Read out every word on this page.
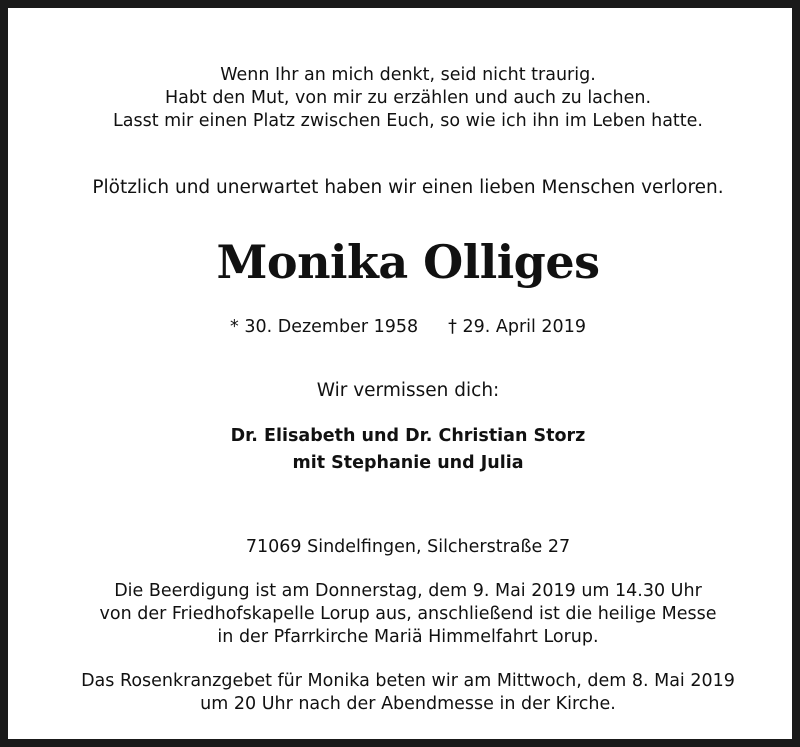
Wenn Ihr an mich denkt, seid nicht traurig.
Habt den Mut, von mir zu erzählen und auch zu lachen.
Lasst mir einen Platz zwischen Euch, so wie ich ihn im Leben hatte.
Plötzlich und unerwartet haben wir einen lieben Menschen verloren.
Monika Olliges
* 30. Dezember 1958 † 29. April 2019
Wir vermissen dich:
Dr. Elisabeth und Dr. Christian Storz
mit Stephanie und Julia
71069 Sindelfingen, Silcherstraße 27
Die Beerdigung ist am Donnerstag, dem 9. Mai 2019 um 14.30 Uhr
von der Friedhofskapelle Lorup aus, anschließend ist die heilige Messe
in der Pfarrkirche Mariä Himmelfahrt Lorup.
Das Rosenkranzgebet für Monika beten wir am Mittwoch, dem 8. Mai 2019
um 20 Uhr nach der Abendmesse in der Kirche.
